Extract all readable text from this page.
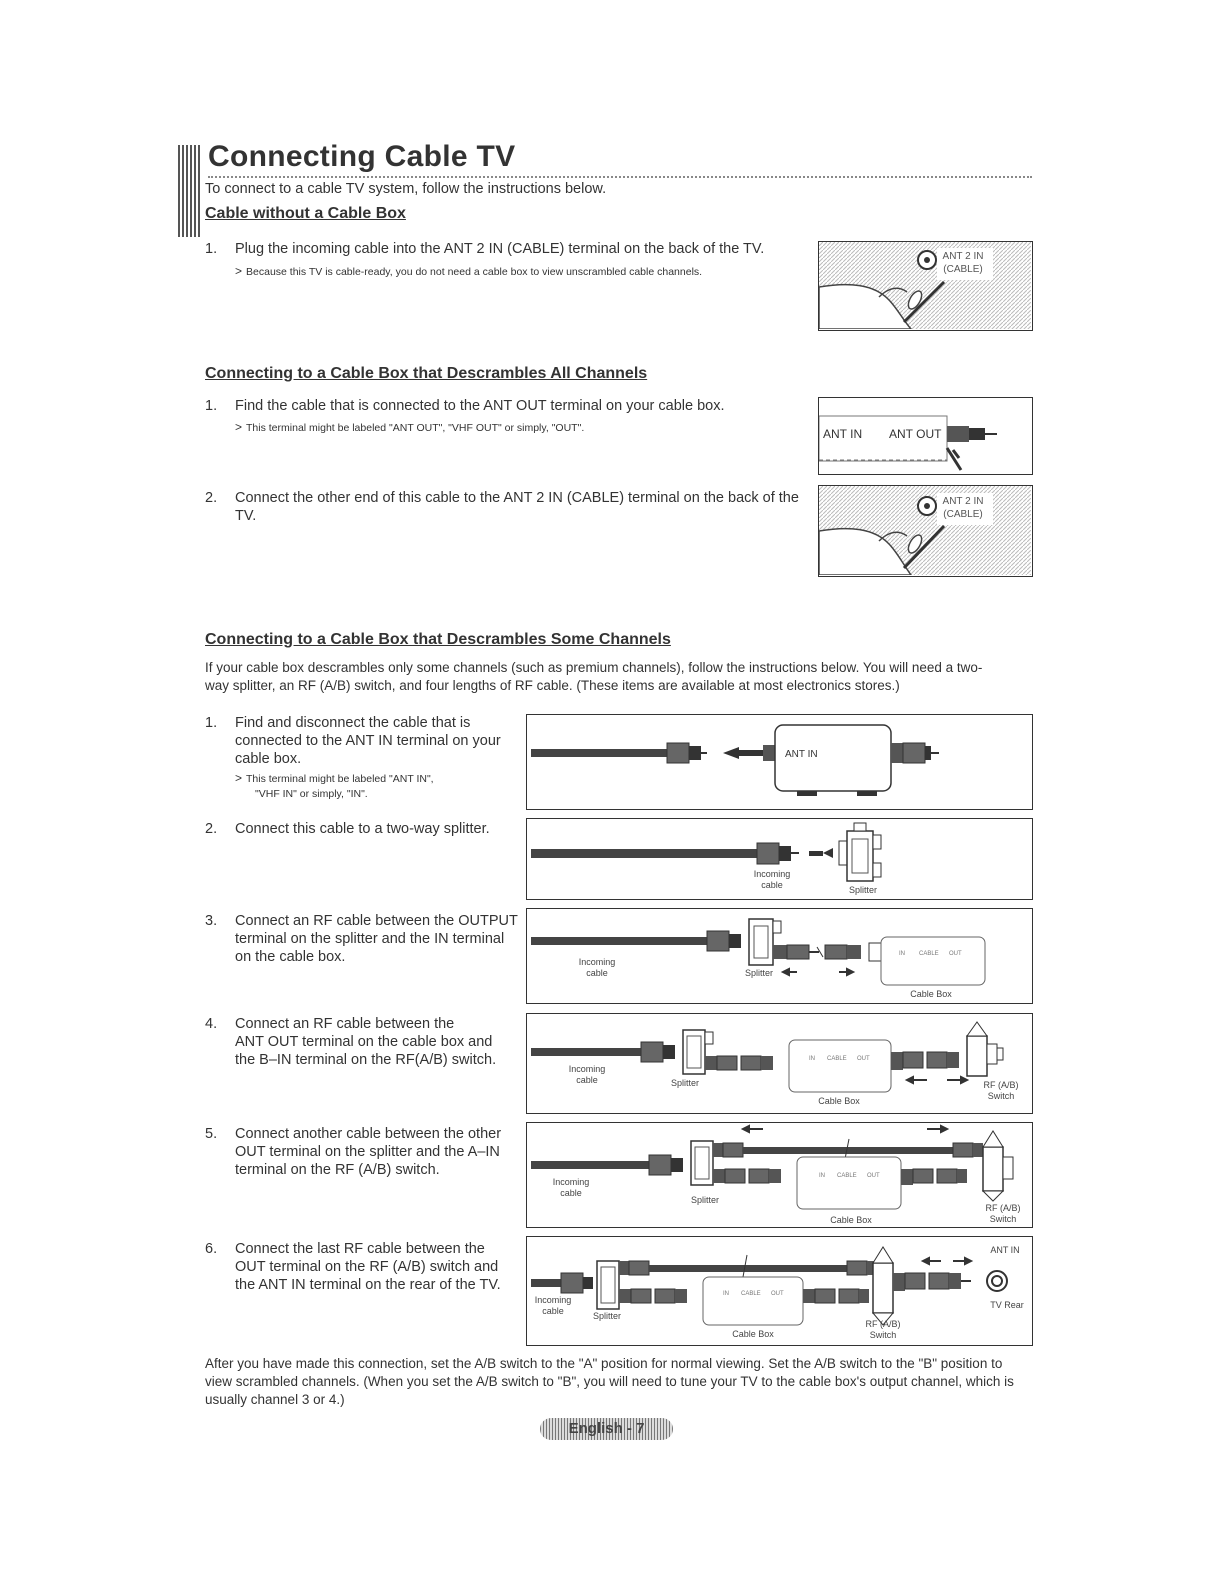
Connecting Cable TV
To connect to a cable TV system, follow the instructions below.
Cable without a Cable Box
1. Plug the incoming cable into the ANT 2 IN (CABLE) terminal on the back of the TV.
> Because this TV is cable-ready, you do not need a cable box to view unscrambled cable channels.
ANT 2 IN
(CABLE)
Connecting to a Cable Box that Descrambles All Channels
1. Find the cable that is connected to the ANT OUT terminal on your cable box.
> This terminal might be labeled "ANT OUT", "VHF OUT" or simply, "OUT".	ANT IN ANT OUT
2. Connect the other end of this cable to the ANT 2 IN (CABLE) terminal on the back of the TV.
ANT 2 IN
(CABLE)
Connecting to a Cable Box that Descrambles Some Channels
If your cable box descrambles only some channels (such as premium channels), follow the instructions below. You will need a two-
way splitter, an RF (A/B) switch, and four lengths of RF cable. (These items are available at most electronics stores.)
1. Find and disconnect the cable that is
connected to the ANT IN terminal on your
cable box.
> This terminal might be labeled "ANT IN",
"VHF IN" or simply, "IN".
ANT IN
2. Connect this cable to a two-way splitter.
Incoming
cable	Splitter
3. Connect an RF cable between the OUTPUT
terminal on the splitter and the IN terminal
on the cable box.	IN CABLE OUT
Incoming
cable	Splitter
Cable Box
4. Connect an RF cable between the
ANT OUT terminal on the cable box and
the B–IN terminal on the RF(A/B) switch.	IN CABLE OUT
Incoming
cable	Splitter
Cable Box
RF (A/B)
Switch
5. Connect another cable between the other
OUT terminal on the splitter and the A–IN
terminal on the RF (A/B) switch.	IN CABLE OUT
Incoming
cable
Splitter
Cable Box
RF (A/B)
Switch
6. Connect the last RF cable between the
OUT terminal on the RF (A/B) switch and
the ANT IN terminal on the rear of the TV.
IN CABLE OUT
ANT IN
TV Rear
Incoming
cable	Splitter
Cable Box
RF (A/B)
Switch
After you have made this connection, set the A/B switch to the "A" position for normal viewing. Set the A/B switch to the "B" position to
view scrambled channels. (When you set the A/B switch to "B", you will need to tune your TV to the cable box's output channel, which is
usually channel 3 or 4.)
English - 7
